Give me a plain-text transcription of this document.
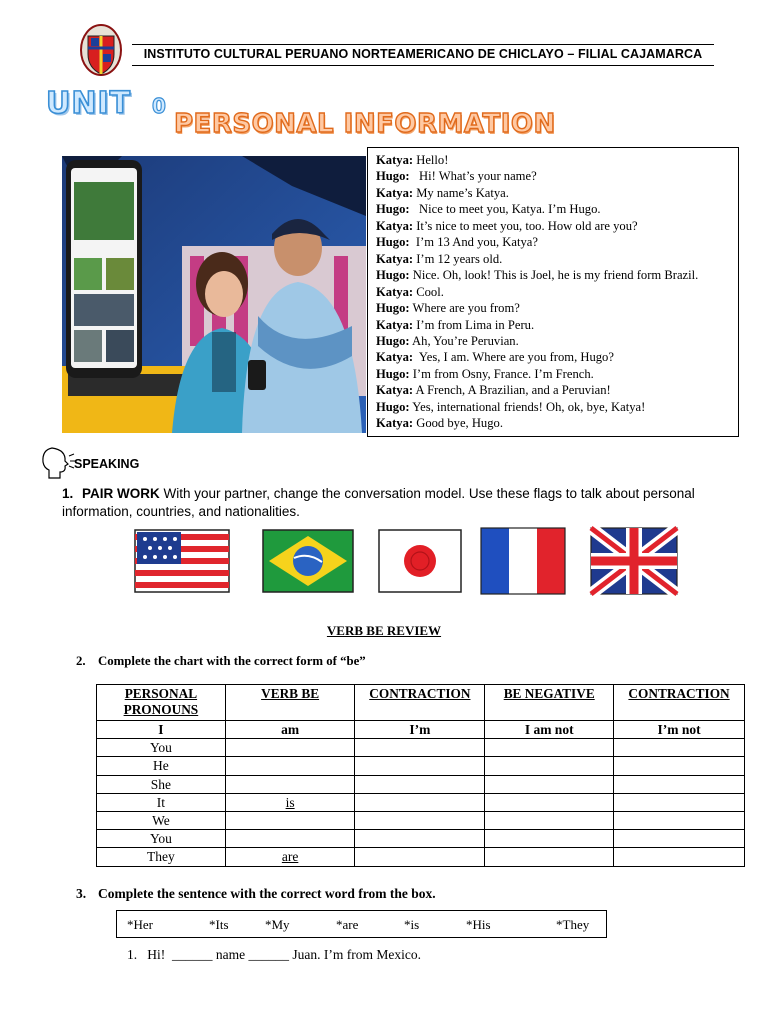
INSTITUTO CULTURAL PERUANO NORTEAMERICANO DE CHICLAYO – FILIAL CAJAMARCA
UNIT 0
PERSONAL INFORMATION
Katya: Hello!
Hugo:   Hi! What’s your name?
Katya: My name’s Katya.
Hugo:   Nice to meet you, Katya. I’m Hugo.
Katya: It’s nice to meet you, too. How old are you?
Hugo:  I’m 13 And you, Katya?
Katya: I’m 12 years old.
Hugo: Nice. Oh, look! This is Joel, he is my friend form Brazil.
Katya: Cool.
Hugo: Where are you from?
Katya: I’m from Lima in Peru.
Hugo: Ah, You’re Peruvian.
Katya:  Yes, I am. Where are you from, Hugo?
Hugo: I’m from Osny, France. I’m French.
Katya: A French, A Brazilian, and a Peruvian!
Hugo: Yes, international friends! Oh, ok, bye, Katya!
Katya: Good bye, Hugo.
SPEAKING
1. PAIR WORK With your partner, change the conversation model. Use these flags to talk about personal information, countries, and nationalities.
VERB BE REVIEW
2. Complete the chart with the correct form of “be”
PERSONAL PRONOUNS	VERB BE	CONTRACTION	BE NEGATIVE	CONTRACTION
I	am	I’m	I am not	I’m not
You				
He				
She				
It	is			
We				
You				
They	are			
3. Complete the sentence with the correct word from the box.
*Her	*Its	*My	*are	*is	*His	*They
1.   Hi!  ______ name ______ Juan. I’m from Mexico.
